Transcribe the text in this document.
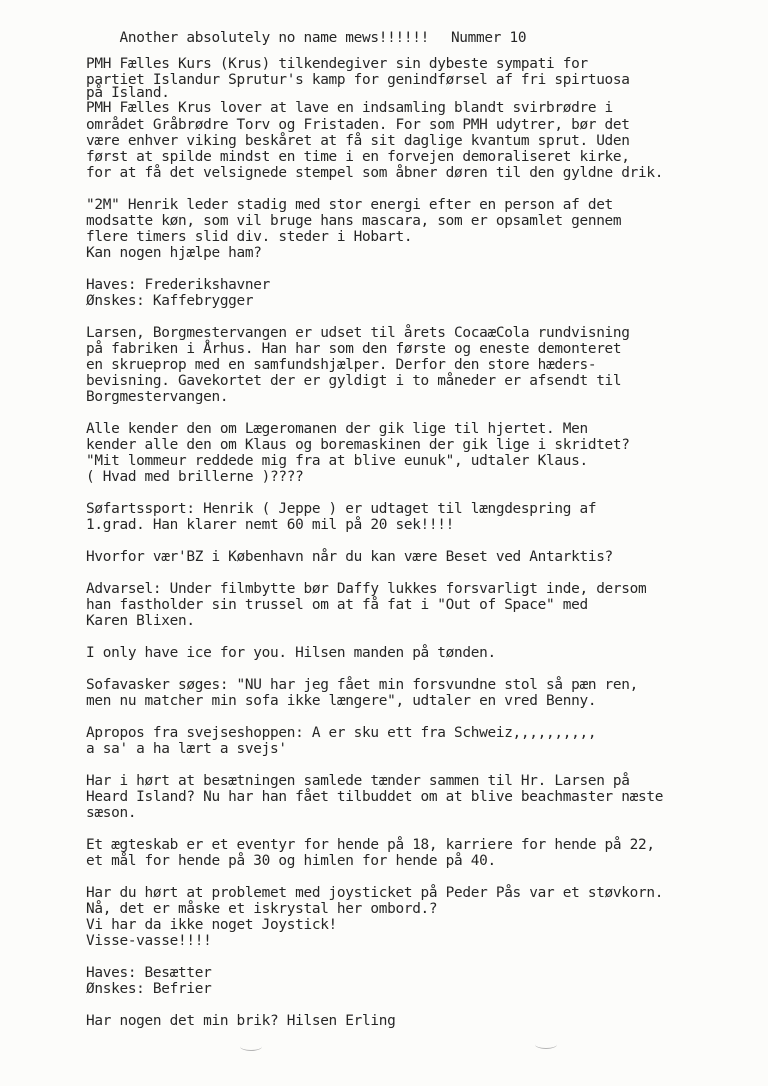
Another absolutely no name mews!!!!!! Nummer 10

PMH Fælles Kurs (Krus) tilkendegiver sin dybeste sympati for
partiet Islandur Sprutur's kamp for genindførsel af fri spirtuosa
på Island.
PMH Fælles Krus lover at lave en indsamling blandt svirbrødre i
området Gråbrødre Torv og Fristaden. For som PMH udytrer, bør det
være enhver viking beskåret at få sit daglige kvantum sprut. Uden
først at spilde mindst en time i en forvejen demoraliseret kirke,
for at få det velsignede stempel som åbner døren til den gyldne drik.
"2M" Henrik leder stadig med stor energi efter en person af det
modsatte køn, som vil bruge hans mascara, som er opsamlet gennem
flere timers slid div. steder i Hobart.
Kan nogen hjælpe ham?
Haves: Frederikshavner
Ønskes: Kaffebrygger
Larsen, Borgmestervangen er udset til årets CocaæCola rundvisning
på fabriken i Århus. Han har som den første og eneste demonteret
en skrueprop med en samfundshjælper. Derfor den store hæders-
bevisning. Gavekortet der er gyldigt i to måneder er afsendt til
Borgmestervangen.
Alle kender den om Lægeromanen der gik lige til hjertet. Men
kender alle den om Klaus og boremaskinen der gik lige i skridtet?
"Mit lommeur reddede mig fra at blive eunuk", udtaler Klaus.
( Hvad med brillerne )????
Søfartssport: Henrik ( Jeppe ) er udtaget til længdespring af
1.grad. Han klarer nemt 60 mil på 20 sek!!!!
Hvorfor vær'BZ i København når du kan være Beset ved Antarktis?
Advarsel: Under filmbytte bør Daffy lukkes forsvarligt inde, dersom
han fastholder sin trussel om at få fat i "Out of Space" med
Karen Blixen.
I only have ice for you. Hilsen manden på tønden.
Sofavasker søges: "NU har jeg fået min forsvundne stol så pæn ren,
men nu matcher min sofa ikke længere", udtaler en vred Benny.
Apropos fra svejseshoppen: A er sku ett fra Schweiz,,,,,,,,,,
a sa' a ha lært a svejs'
Har i hørt at besætningen samlede tænder sammen til Hr. Larsen på
Heard Island? Nu har han fået tilbuddet om at blive beachmaster næste
sæson.
Et ægteskab er et eventyr for hende på 18, karriere for hende på 22,
et mål for hende på 30 og himlen for hende på 40.
Har du hørt at problemet med joysticket på Peder Pås var et støvkorn.
Nå, det er måske et iskrystal her ombord.?
Vi har da ikke noget Joystick!
Visse-vasse!!!!
Haves: Besætter
Ønskes: Befrier
Har nogen det min brik? Hilsen Erling
